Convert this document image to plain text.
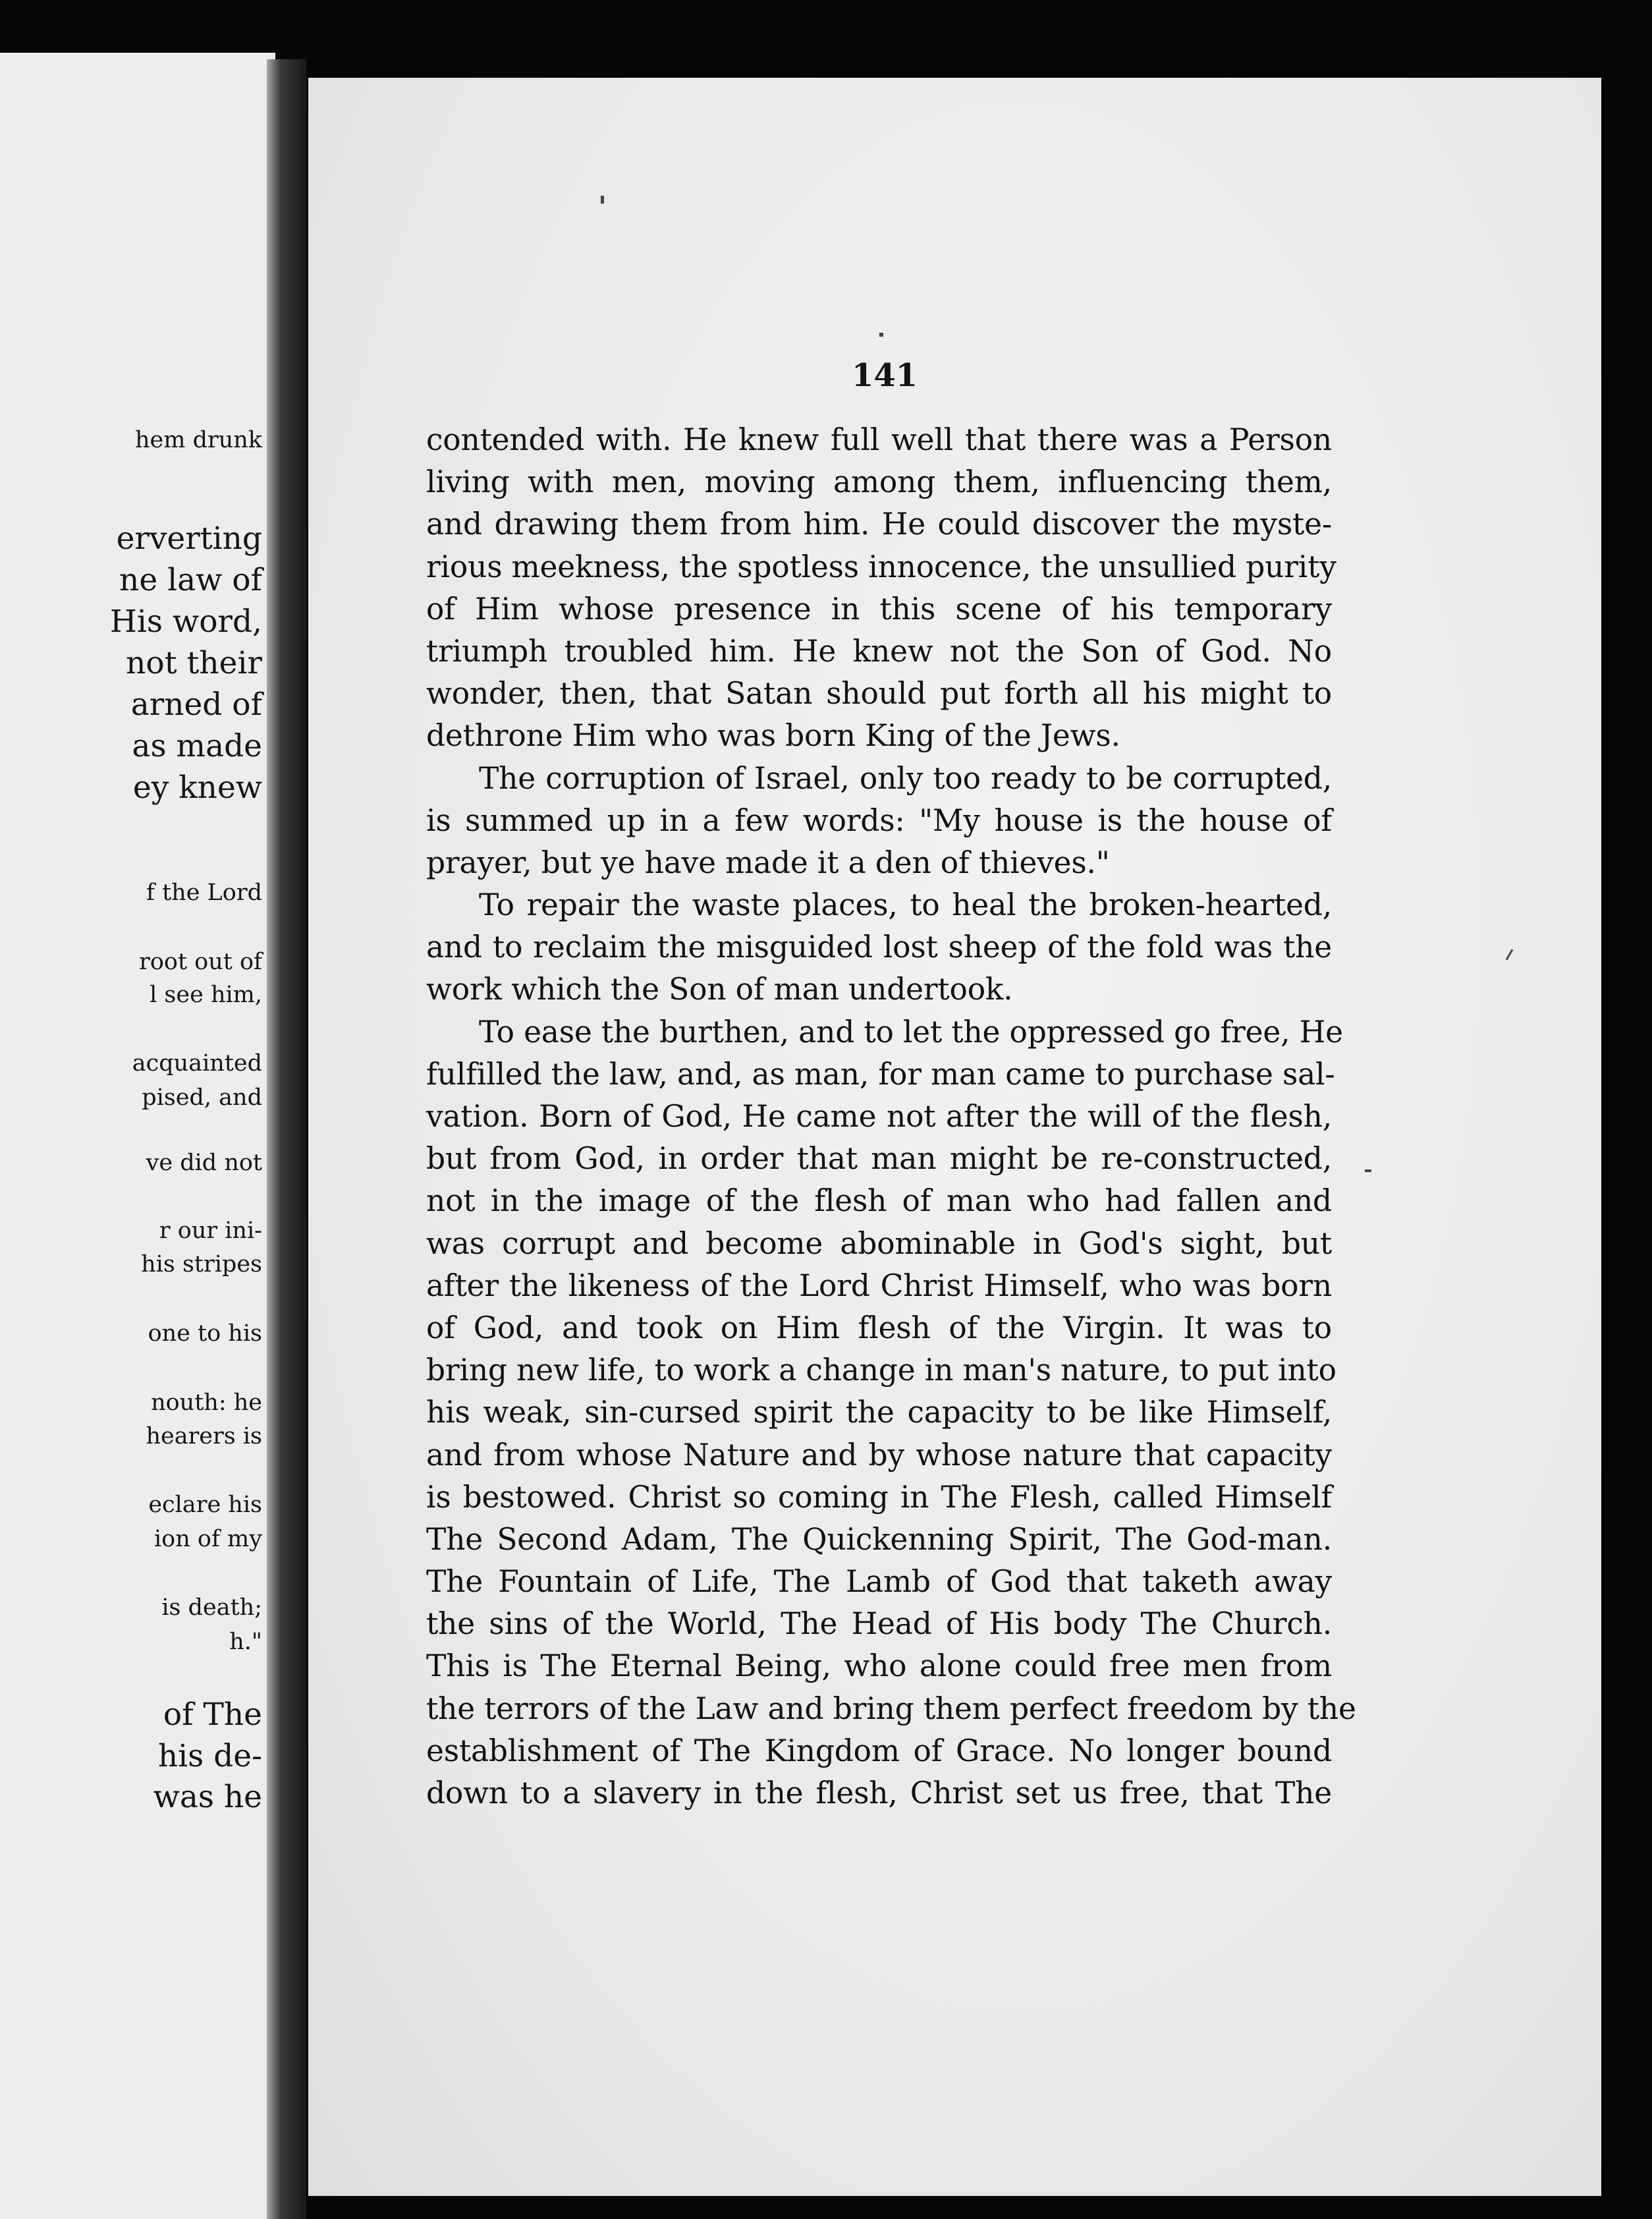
hem drunk
erverting
ne law of
His word,
not their
arned of
as made
ey knew
f the Lord
root out of
l see him,
acquainted
pised, and
ve did not
r our ini-
his stripes
one to his
nouth: he
hearers is
eclare his
ion of my
is death;
h."
of The
his de-
was he
141
contended with. He knew full well that there was a Person
living with men, moving among them, influencing them,
and drawing them from him. He could discover the myste-
rious meekness, the spotless innocence, the unsullied purity
of Him whose presence in this scene of his temporary
triumph troubled him. He knew not the Son of God. No
wonder, then, that Satan should put forth all his might to
dethrone Him who was born King of the Jews.
The corruption of Israel, only too ready to be corrupted,
is summed up in a few words: "My house is the house of
prayer, but ye have made it a den of thieves."
To repair the waste places, to heal the broken-hearted,
and to reclaim the misguided lost sheep of the fold was the
work which the Son of man undertook.
To ease the burthen, and to let the oppressed go free, He
fulfilled the law, and, as man, for man came to purchase sal-
vation. Born of God, He came not after the will of the flesh,
but from God, in order that man might be re-constructed,
not in the image of the flesh of man who had fallen and
was corrupt and become abominable in God's sight, but
after the likeness of the Lord Christ Himself, who was born
of God, and took on Him flesh of the Virgin. It was to
bring new life, to work a change in man's nature, to put into
his weak, sin-cursed spirit the capacity to be like Himself,
and from whose Nature and by whose nature that capacity
is bestowed. Christ so coming in The Flesh, called Himself
The Second Adam, The Quickenning Spirit, The God-man.
The Fountain of Life, The Lamb of God that taketh away
the sins of the World, The Head of His body The Church.
This is The Eternal Being, who alone could free men from
the terrors of the Law and bring them perfect freedom by the
establishment of The Kingdom of Grace. No longer bound
down to a slavery in the flesh, Christ set us free, that The
